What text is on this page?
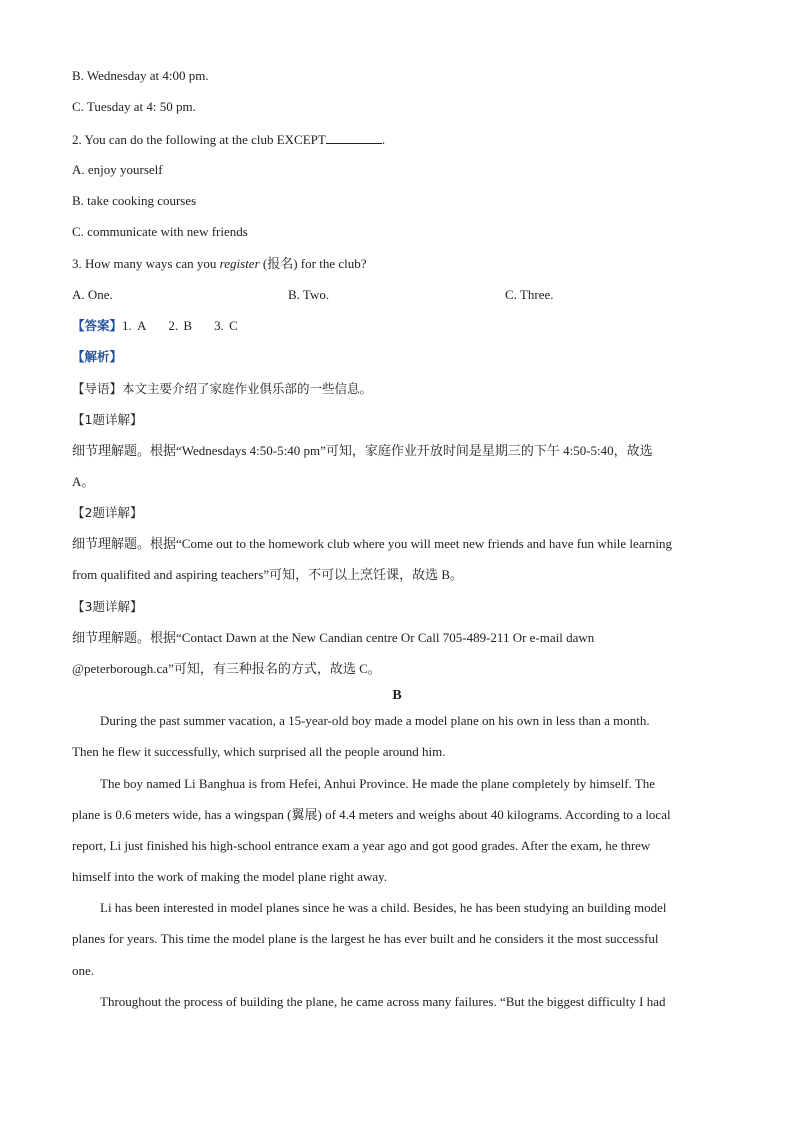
B. Wednesday at 4:00 pm.
C. Tuesday at 4: 50 pm.
2. You can do the following at the club EXCEPT	.
A. enjoy yourself
B. take cooking courses
C. communicate with new friends
3. How many ways can you register (报名) for the club?
A. One.	B. Two.	C. Three.
【答案】1. A 2. B 3. C
【解析】
【导语】本文主要介绍了家庭作业俱乐部的一些信息。
【1题详解】
细节理解题。根据“Wednesdays 4:50-5:40 pm”可知，家庭作业开放时间是星期三的下午 4:50-5:40，故选
A。
【2题详解】
细节理解题。根据“Come out to the homework club where you will meet new friends and have fun while learning
from qualifited and aspiring teachers”可知，不可以上烹饪课，故选 B。
【3题详解】
细节理解题。根据“Contact Dawn at the New Candian centre Or Call 705-489-211 Or e-mail dawn
@peterborough.ca”可知，有三种报名的方式，故选 C。
B
During the past summer vacation, a 15-year-old boy made a model plane on his own in less than a month.
Then he flew it successfully, which surprised all the people around him.
The boy named Li Banghua is from Hefei, Anhui Province. He made the plane completely by himself. The
plane is 0.6 meters wide, has a wingspan (翼展) of 4.4 meters and weighs about 40 kilograms. According to a local
report, Li just finished his high-school entrance exam a year ago and got good grades. After the exam, he threw
himself into the work of making the model plane right away.
Li has been interested in model planes since he was a child. Besides, he has been studying an building model
planes for years. This time the model plane is the largest he has ever built and he considers it the most successful
one.
Throughout the process of building the plane, he came across many failures. “But the biggest difficulty I had
